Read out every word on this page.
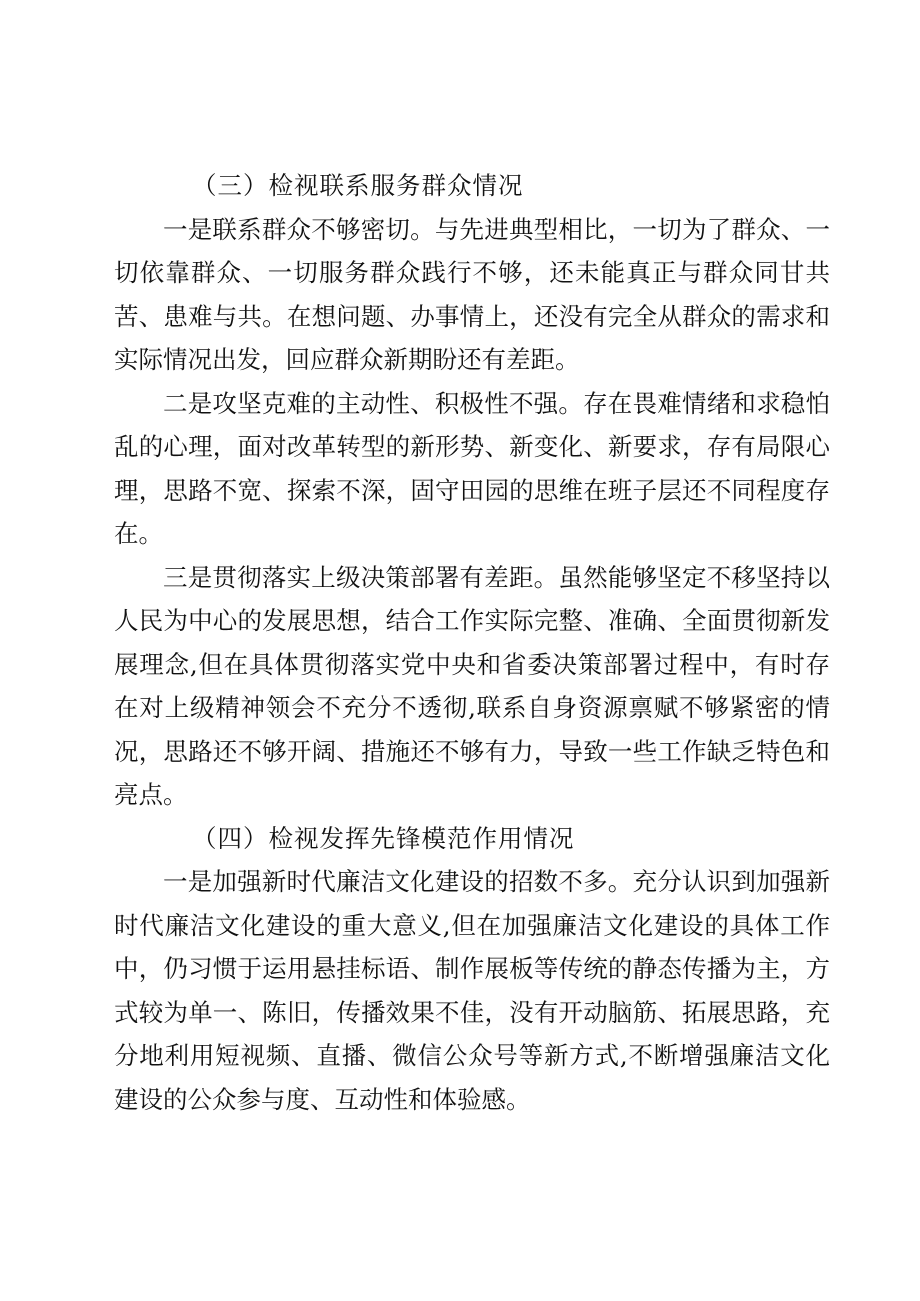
（三）检视联系服务群众情况

一是联系群众不够密切。与先进典型相比，一切为了群众、一切依靠群众、一切服务群众践行不够，还未能真正与群众同甘共苦、患难与共。在想问题、办事情上，还没有完全从群众的需求和实际情况出发，回应群众新期盼还有差距。

二是攻坚克难的主动性、积极性不强。存在畏难情绪和求稳怕乱的心理，面对改革转型的新形势、新变化、新要求，存有局限心理，思路不宽、探索不深，固守田园的思维在班子层还不同程度存在。

三是贯彻落实上级决策部署有差距。虽然能够坚定不移坚持以人民为中心的发展思想，结合工作实际完整、准确、全面贯彻新发展理念,但在具体贯彻落实党中央和省委决策部署过程中，有时存在对上级精神领会不充分不透彻,联系自身资源禀赋不够紧密的情况，思路还不够开阔、措施还不够有力，导致一些工作缺乏特色和亮点。

（四）检视发挥先锋模范作用情况

一是加强新时代廉洁文化建设的招数不多。充分认识到加强新时代廉洁文化建设的重大意义,但在加强廉洁文化建设的具体工作中，仍习惯于运用悬挂标语、制作展板等传统的静态传播为主，方式较为单一、陈旧，传播效果不佳，没有开动脑筋、拓展思路，充分地利用短视频、直播、微信公众号等新方式,不断增强廉洁文化建设的公众参与度、互动性和体验感。
